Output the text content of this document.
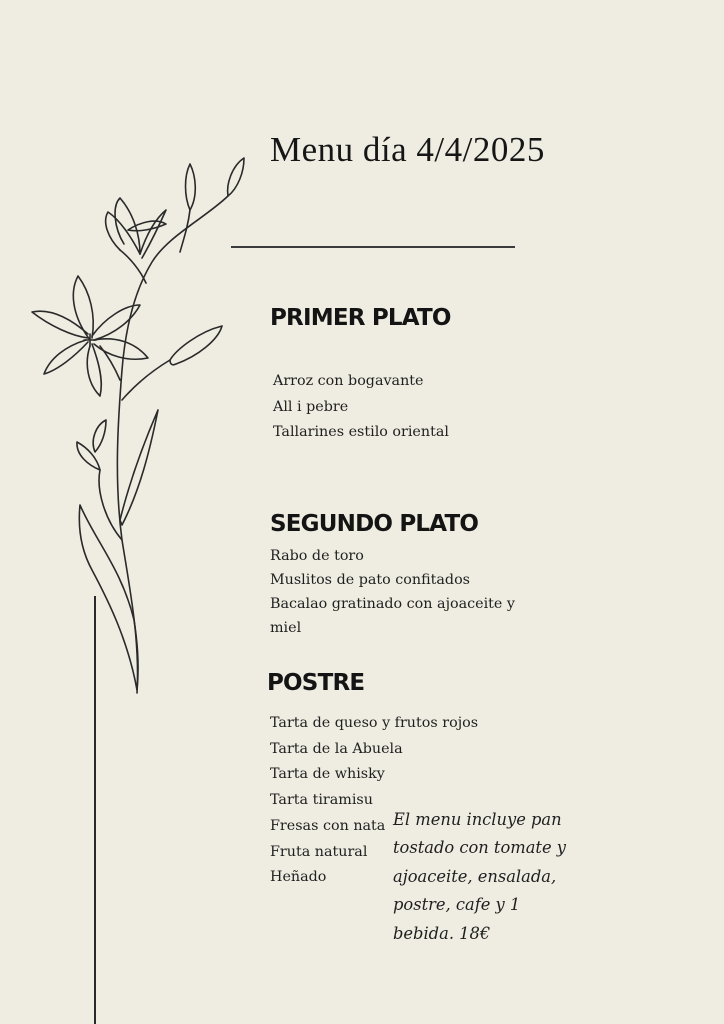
Menu día 4/4/2025
PRIMER PLATO
Arroz con bogavante
All i pebre
Tallarines estilo oriental
SEGUNDO PLATO
Rabo de toro
Muslitos de pato confitados
Bacalao gratinado con ajoaceite y
miel
POSTRE
Tarta de queso y frutos rojos
Tarta de la Abuela
Tarta de whisky
Tarta tiramisu
Fresas con nata
Fruta natural
Heñado
El menu incluye pan
tostado con tomate y
ajoaceite, ensalada,
postre, cafe y 1
bebida. 18€
